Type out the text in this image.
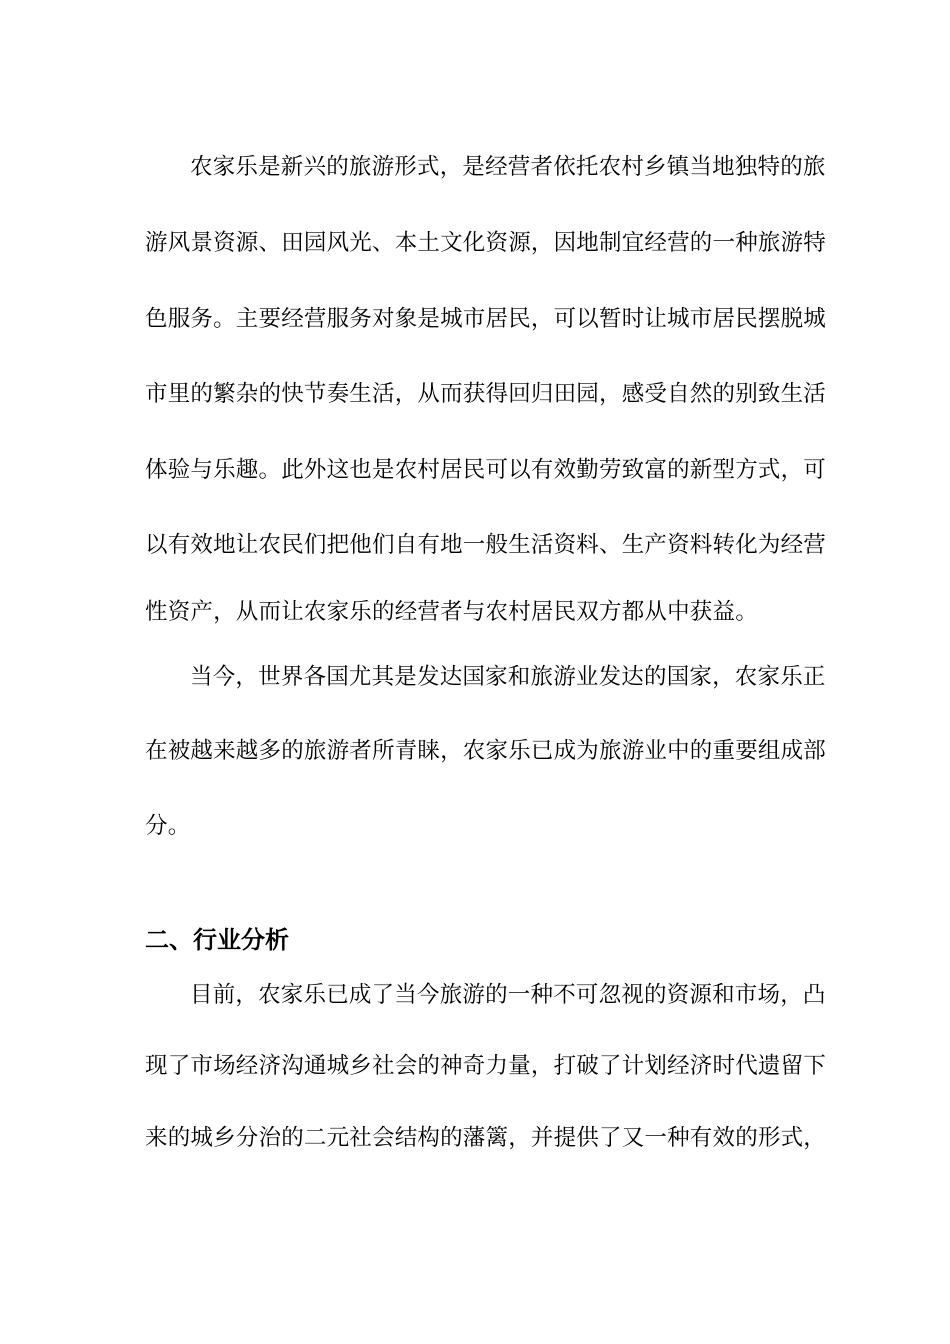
农家乐是新兴的旅游形式，是经营者依托农村乡镇当地独特的旅
游风景资源、田园风光、本土文化资源，因地制宜经营的一种旅游特
色服务。主要经营服务对象是城市居民，可以暂时让城市居民摆脱城
市里的繁杂的快节奏生活，从而获得回归田园，感受自然的别致生活
体验与乐趣。此外这也是农村居民可以有效勤劳致富的新型方式，可
以有效地让农民们把他们自有地一般生活资料、生产资料转化为经营
性资产，从而让农家乐的经营者与农村居民双方都从中获益。
当今，世界各国尤其是发达国家和旅游业发达的国家，农家乐正
在被越来越多的旅游者所青睐，农家乐已成为旅游业中的重要组成部
分。
二、行业分析
目前，农家乐已成了当今旅游的一种不可忽视的资源和市场，凸
现了市场经济沟通城乡社会的神奇力量，打破了计划经济时代遗留下
来的城乡分治的二元社会结构的藩篱，并提供了又一种有效的形式，
